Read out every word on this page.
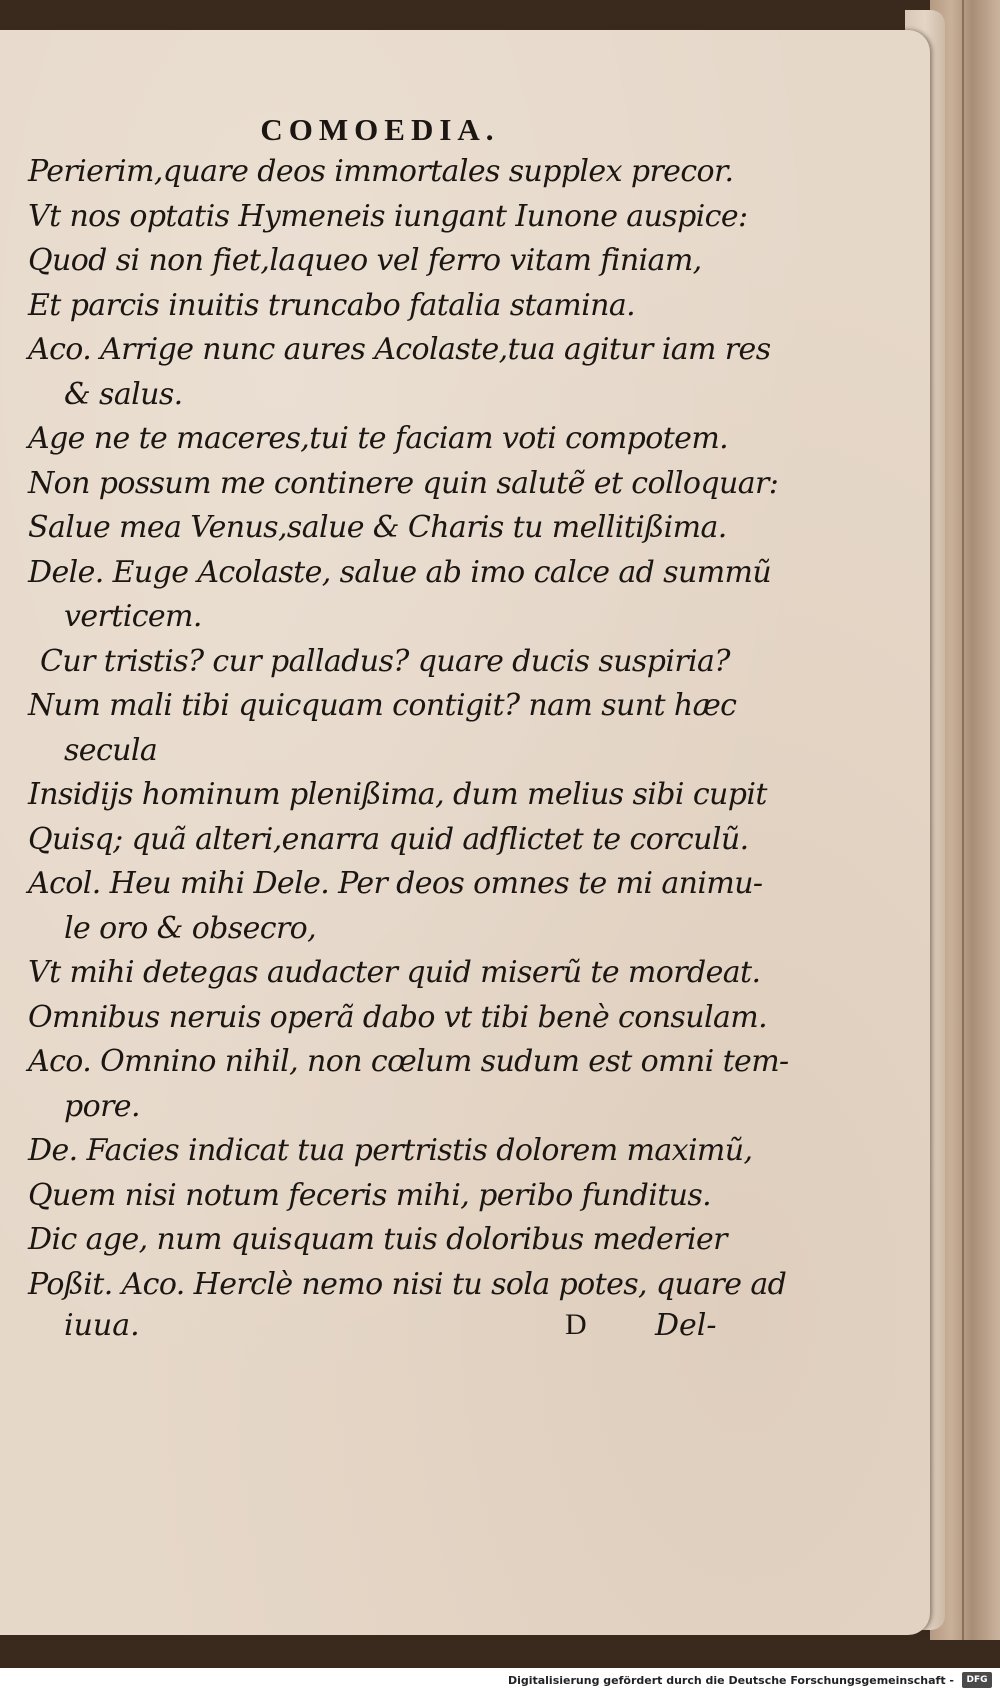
COMOEDIA.
Perierim,quare deos immortales supplex precor.
Vt nos optatis Hymeneis iungant Iunone auspice:
Quod si non fiet,laqueo vel ferro vitam finiam,
Et parcis inuitis truncabo fatalia stamina.
Aco. Arrige nunc aures Acolaste,tua agitur iam res
& salus.
Age ne te maceres,tui te faciam voti compotem.
Non possum me continere quin salutẽ et colloquar:
Salue mea Venus,salue & Charis tu mellitißima.
Dele. Euge Acolaste, salue ab imo calce ad summũ
verticem.
Cur tristis? cur palladus? quare ducis suspiria?
Num mali tibi quicquam contigit? nam sunt hæc
secula
Insidijs hominum plenißima, dum melius sibi cupit
Quisq; quã alteri,enarra quid adflictet te corculũ.
Acol. Heu mihi Dele. Per deos omnes te mi animu-
le oro & obsecro,
Vt mihi detegas audacter quid miserũ te mordeat.
Omnibus neruis operã dabo vt tibi benè consulam.
Aco. Omnino nihil, non cœlum sudum est omni tem-
pore.
De. Facies indicat tua pertristis dolorem maximũ,
Quem nisi notum feceris mihi, peribo funditus.
Dic age, num quisquam tuis doloribus mederier
Poßit. Aco. Herclè nemo nisi tu sola potes, quare ad
iuua.	D Del-

Digitalisierung gefördert durch die Deutsche Forschungsgemeinschaft -	DFG
